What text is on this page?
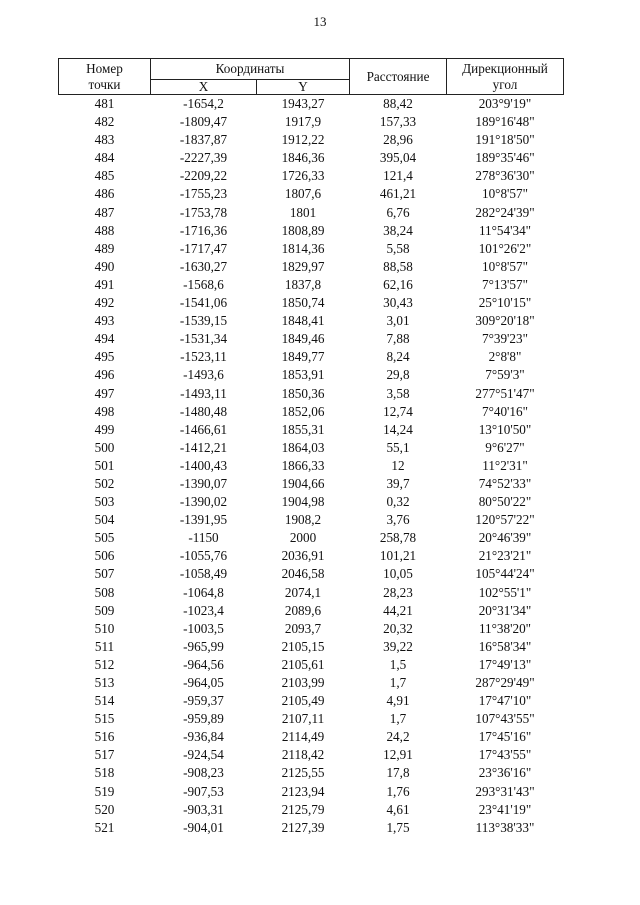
13
Номер
точки	Координаты		Расстояние	Дирекционный
угол

	X	Y		
481	-1654,2	1943,27	88,42	203°9'19"
482	-1809,47	1917,9	157,33	189°16'48"
483	-1837,87	1912,22	28,96	191°18'50"
484	-2227,39	1846,36	395,04	189°35'46"
485	-2209,22	1726,33	121,4	278°36'30"
486	-1755,23	1807,6	461,21	10°8'57"
487	-1753,78	1801	6,76	282°24'39"
488	-1716,36	1808,89	38,24	11°54'34"
489	-1717,47	1814,36	5,58	101°26'2"
490	-1630,27	1829,97	88,58	10°8'57"
491	-1568,6	1837,8	62,16	7°13'57"
492	-1541,06	1850,74	30,43	25°10'15"
493	-1539,15	1848,41	3,01	309°20'18"
494	-1531,34	1849,46	7,88	7°39'23"
495	-1523,11	1849,77	8,24	2°8'8"
496	-1493,6	1853,91	29,8	7°59'3"
497	-1493,11	1850,36	3,58	277°51'47"
498	-1480,48	1852,06	12,74	7°40'16"
499	-1466,61	1855,31	14,24	13°10'50"
500	-1412,21	1864,03	55,1	9°6'27"
501	-1400,43	1866,33	12	11°2'31"
502	-1390,07	1904,66	39,7	74°52'33"
503	-1390,02	1904,98	0,32	80°50'22"
504	-1391,95	1908,2	3,76	120°57'22"
505	-1150	2000	258,78	20°46'39"
506	-1055,76	2036,91	101,21	21°23'21"
507	-1058,49	2046,58	10,05	105°44'24"
508	-1064,8	2074,1	28,23	102°55'1"
509	-1023,4	2089,6	44,21	20°31'34"
510	-1003,5	2093,7	20,32	11°38'20"
511	-965,99	2105,15	39,22	16°58'34"
512	-964,56	2105,61	1,5	17°49'13"
513	-964,05	2103,99	1,7	287°29'49"
514	-959,37	2105,49	4,91	17°47'10"
515	-959,89	2107,11	1,7	107°43'55"
516	-936,84	2114,49	24,2	17°45'16"
517	-924,54	2118,42	12,91	17°43'55"
518	-908,23	2125,55	17,8	23°36'16"
519	-907,53	2123,94	1,76	293°31'43"
520	-903,31	2125,79	4,61	23°41'19"
521	-904,01	2127,39	1,75	113°38'33"
